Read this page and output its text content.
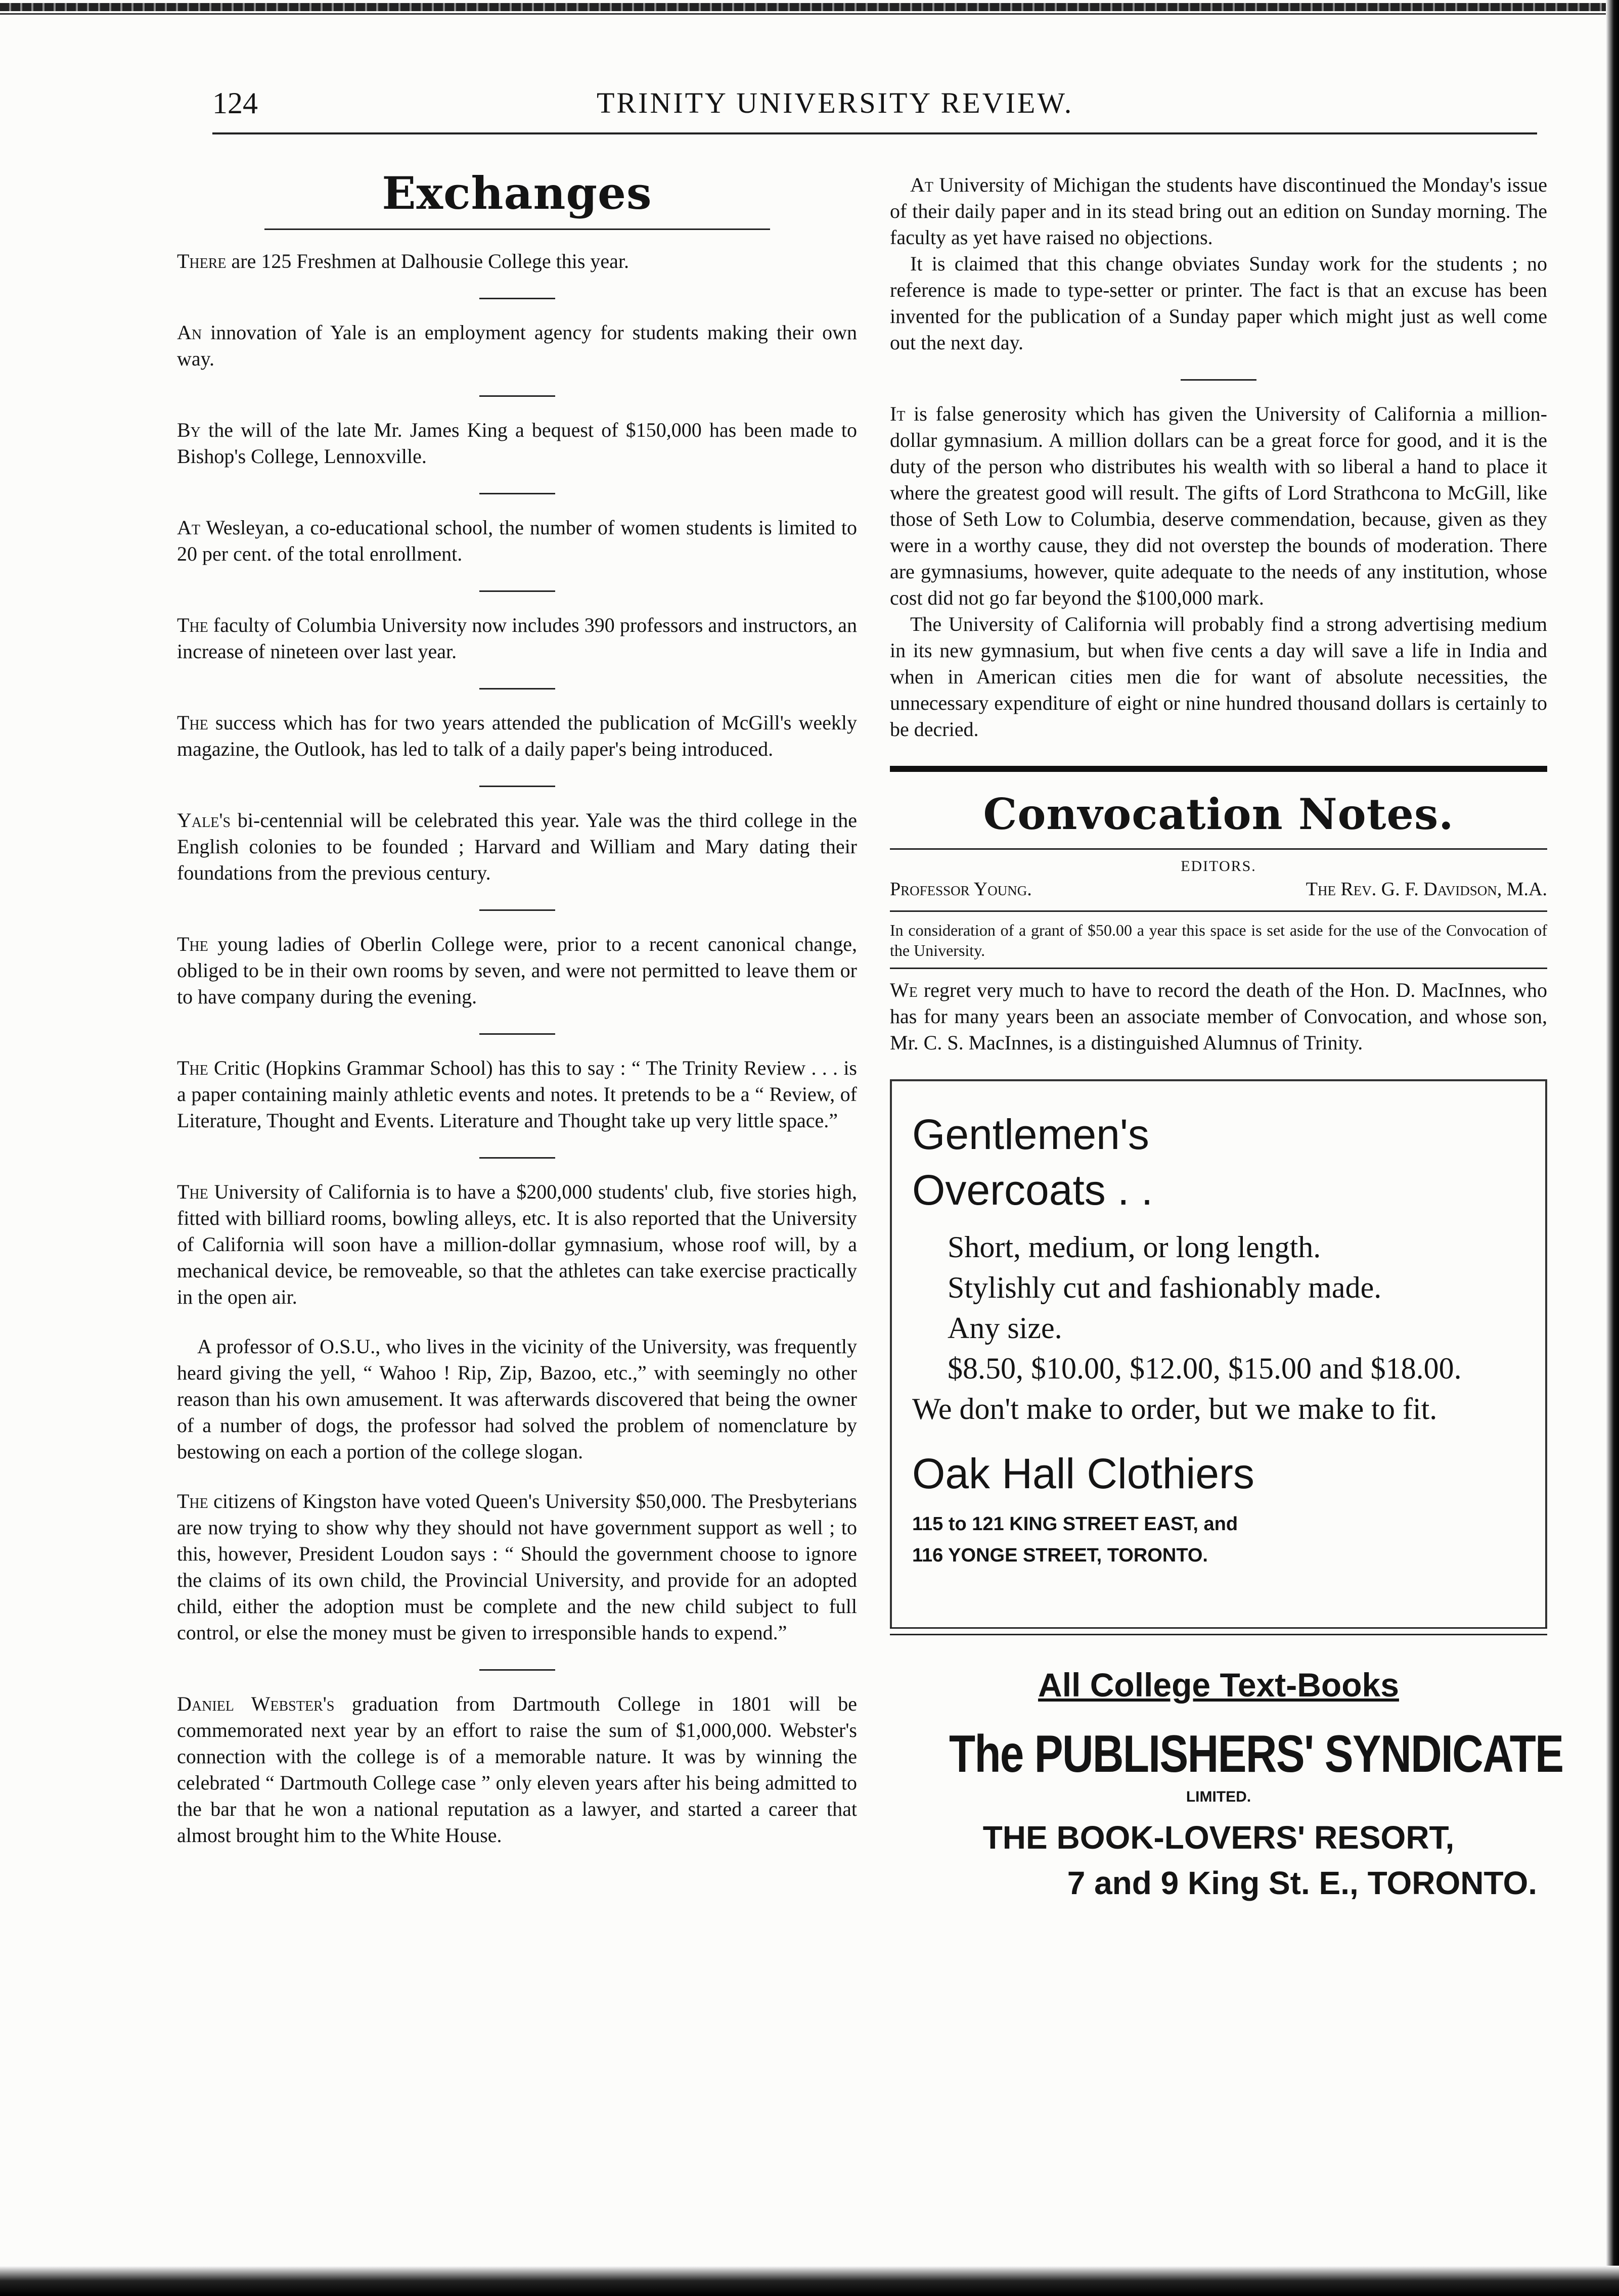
124	TRINITY UNIVERSITY REVIEW.
Exchanges

There are 125 Freshmen at Dalhousie College this year.

An innovation of Yale is an employment agency for students making their own way.

By the will of the late Mr. James King a bequest of $150,000 has been made to Bishop's College, Lennoxville.

At Wesleyan, a co-educational school, the number of women students is limited to 20 per cent. of the total enrollment.

The faculty of Columbia University now includes 390 professors and instructors, an increase of nineteen over last year.

The success which has for two years attended the publication of McGill's weekly magazine, the Outlook, has led to talk of a daily paper's being introduced.

Yale's bi-centennial will be celebrated this year. Yale was the third college in the English colonies to be founded ; Harvard and William and Mary dating their foundations from the previous century.

The young ladies of Oberlin College were, prior to a recent canonical change, obliged to be in their own rooms by seven, and were not permitted to leave them or to have company during the evening.

The Critic (Hopkins Grammar School) has this to say : “ The Trinity Review . . . is a paper containing mainly athletic events and notes. It pretends to be a “ Review, of Literature, Thought and Events. Literature and Thought take up very little space.”

The University of California is to have a $200,000 students' club, five stories high, fitted with billiard rooms, bowling alleys, etc. It is also reported that the University of California will soon have a million-dollar gymnasium, whose roof will, by a mechanical device, be removeable, so that the athletes can take exercise practically in the open air.

A professor of O.S.U., who lives in the vicinity of the University, was frequently heard giving the yell, “ Wahoo ! Rip, Zip, Bazoo, etc.,” with seemingly no other reason than his own amusement. It was afterwards discovered that being the owner of a number of dogs, the professor had solved the problem of nomenclature by bestowing on each a portion of the college slogan.

The citizens of Kingston have voted Queen's University $50,000. The Presbyterians are now trying to show why they should not have government support as well ; to this, however, President Loudon says : “ Should the government choose to ignore the claims of its own child, the Provincial University, and provide for an adopted child, either the adoption must be complete and the new child subject to full control, or else the money must be given to irresponsible hands to expend.”

Daniel Webster's graduation from Dartmouth College in 1801 will be commemorated next year by an effort to raise the sum of $1,000,000. Webster's connection with the college is of a memorable nature. It was by winning the celebrated “ Dartmouth College case ” only eleven years after his being admitted to the bar that he won a national reputation as a lawyer, and started a career that almost brought him to the White House.

At University of Michigan the students have discontinued the Monday's issue of their daily paper and in its stead bring out an edition on Sunday morning. The faculty as yet have raised no objections.

It is claimed that this change obviates Sunday work for the students ; no reference is made to type-setter or printer. The fact is that an excuse has been invented for the publication of a Sunday paper which might just as well come out the next day.

It is false generosity which has given the University of California a million-dollar gymnasium. A million dollars can be a great force for good, and it is the duty of the person who distributes his wealth with so liberal a hand to place it where the greatest good will result. The gifts of Lord Strathcona to McGill, like those of Seth Low to Columbia, deserve commendation, because, given as they were in a worthy cause, they did not overstep the bounds of moderation. There are gymnasiums, however, quite adequate to the needs of any institution, whose cost did not go far beyond the $100,000 mark.

The University of California will probably find a strong advertising medium in its new gymnasium, but when five cents a day will save a life in India and when in American cities men die for want of absolute necessities, the unnecessary expenditure of eight or nine hundred thousand dollars is certainly to be decried.

Convocation Notes.
EDITORS.
Professor Young.	The Rev. G. F. Davidson, M.A.

In consideration of a grant of $50.00 a year this space is set aside for the use of the Convocation of the University.

We regret very much to have to record the death of the Hon. D. MacInnes, who has for many years been an associate member of Convocation, and whose son, Mr. C. S. MacInnes, is a distinguished Alumnus of Trinity.

Gentlemen's
Overcoats . .
Short, medium, or long length.
Stylishly cut and fashionably made.
Any size.
$8.50, $10.00, $12.00, $15.00 and $18.00.
We don't make to order, but we make to fit.
Oak Hall Clothiers
115 to 121 KING STREET EAST, and
116 YONGE STREET, TORONTO.
All College Text-Books
The PUBLISHERS' SYNDICATE
LIMITED.
THE BOOK-LOVERS' RESORT,
7 and 9 King St. E., TORONTO.
